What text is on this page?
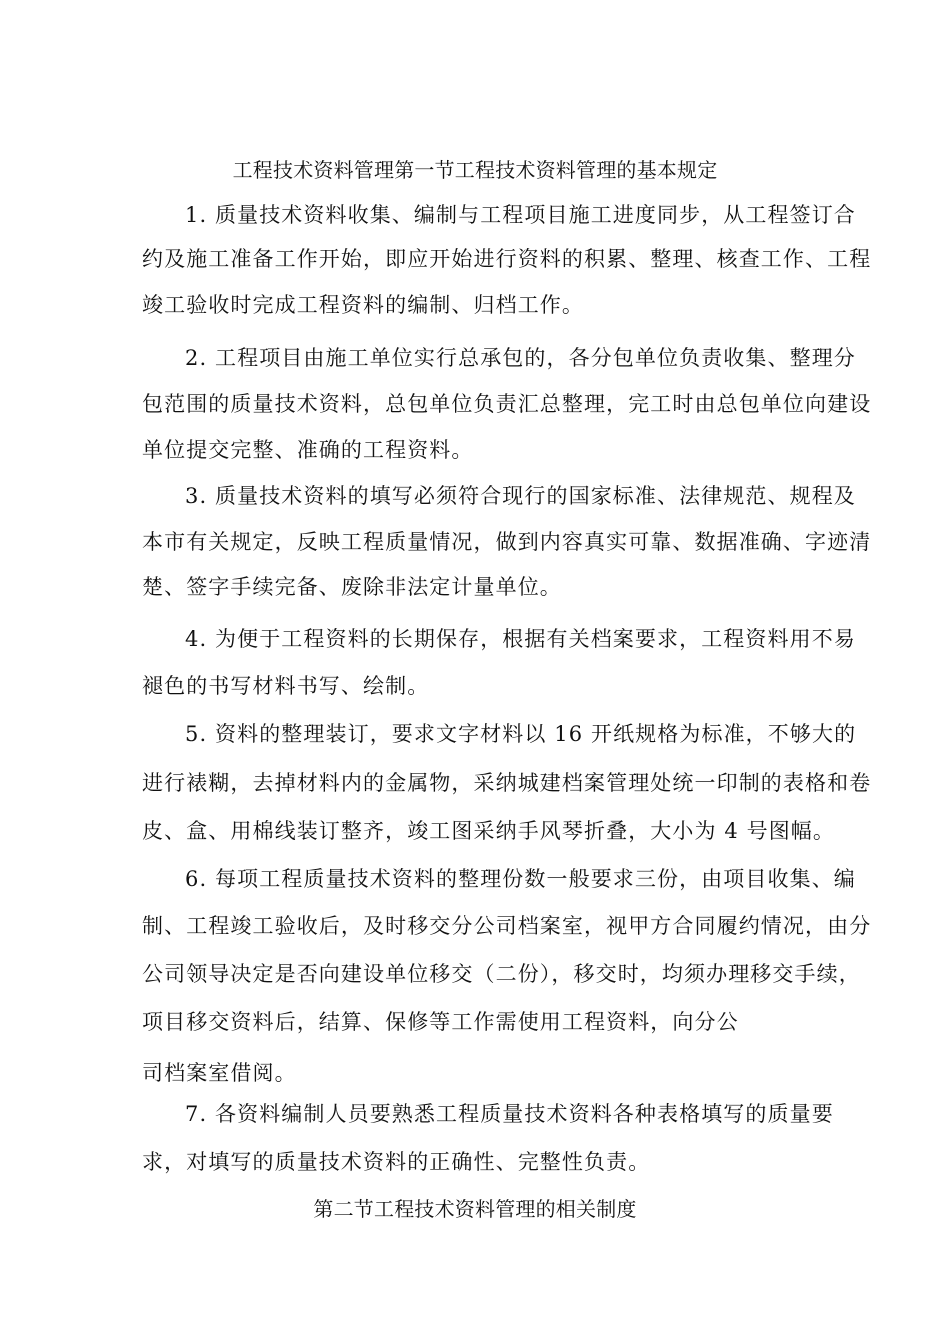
工程技术资料管理第一节工程技术资料管理的基本规定
1. 质量技术资料收集、编制与工程项目施工进度同步，从工程签订合
约及施工准备工作开始，即应开始进行资料的积累、整理、核查工作、工程
竣工验收时完成工程资料的编制、归档工作。
2. 工程项目由施工单位实行总承包的，各分包单位负责收集、整理分
包范围的质量技术资料，总包单位负责汇总整理，完工时由总包单位向建设
单位提交完整、准确的工程资料。
3. 质量技术资料的填写必须符合现行的国家标准、法律规范、规程及
本市有关规定，反映工程质量情况，做到内容真实可靠、数据准确、字迹清
楚、签字手续完备、废除非法定计量单位。
4. 为便于工程资料的长期保存，根据有关档案要求，工程资料用不易
褪色的书写材料书写、绘制。
5. 资料的整理装订，要求文字材料以 16 开纸规格为标准，不够大的
进行裱糊，去掉材料内的金属物，采纳城建档案管理处统一印制的表格和卷
皮、盒、用棉线装订整齐，竣工图采纳手风琴折叠，大小为 4 号图幅。
6. 每项工程质量技术资料的整理份数一般要求三份，由项目收集、编
制、工程竣工验收后，及时移交分公司档案室，视甲方合同履约情况，由分
公司领导决定是否向建设单位移交（二份），移交时，均须办理移交手续，
项目移交资料后，结算、保修等工作需使用工程资料，向分公
司档案室借阅。
7. 各资料编制人员要熟悉工程质量技术资料各种表格填写的质量要
求，对填写的质量技术资料的正确性、完整性负责。
第二节工程技术资料管理的相关制度
